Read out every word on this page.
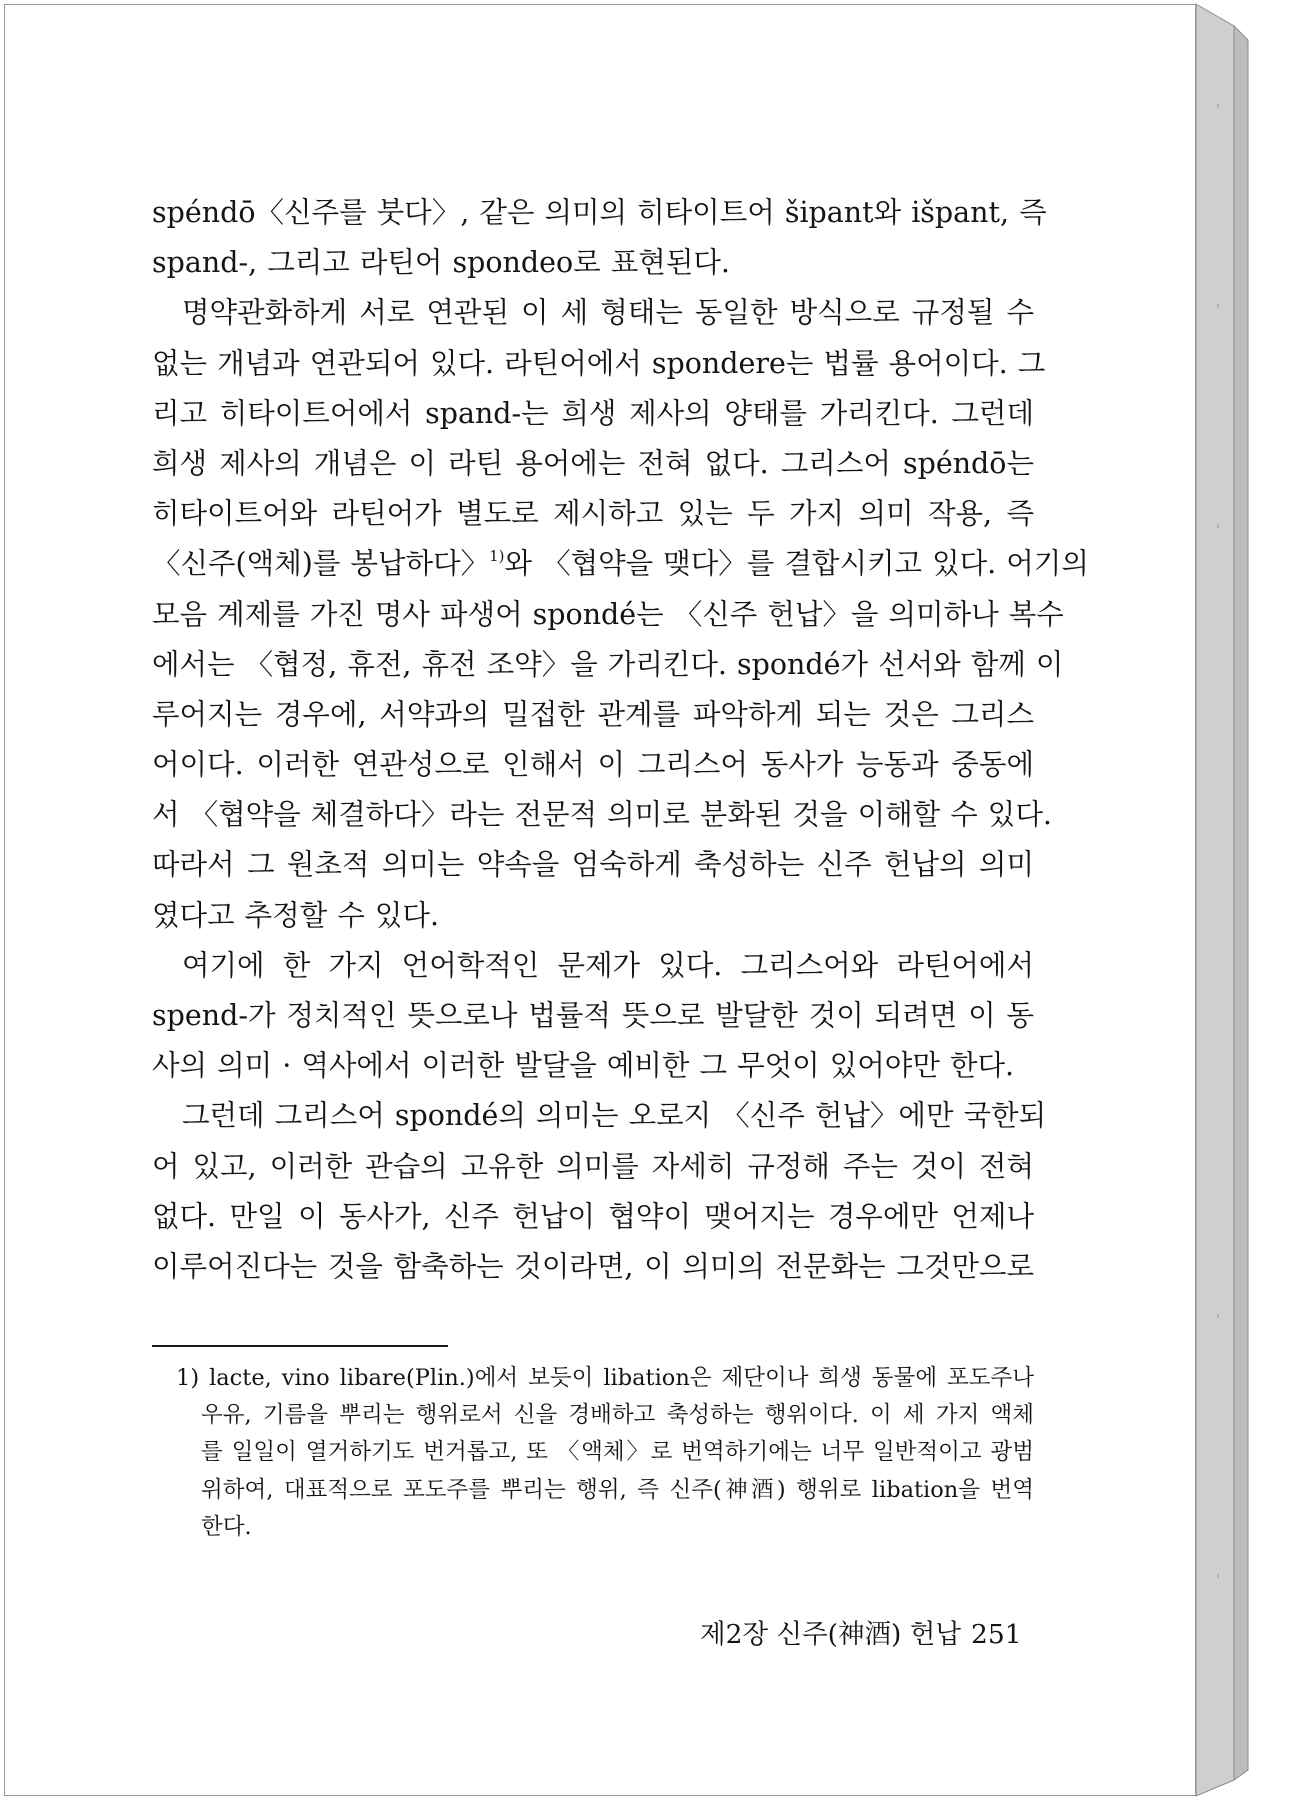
spéndō〈신주를 붓다〉, 같은 의미의 히타이트어 šipant와 išpant, 즉
spand-, 그리고 라틴어 spondeo로 표현된다.
명약관화하게 서로 연관된 이 세 형태는 동일한 방식으로 규정될 수
없는 개념과 연관되어 있다. 라틴어에서 spondere는 법률 용어이다. 그
리고 히타이트어에서 spand-는 희생 제사의 양태를 가리킨다. 그런데
희생 제사의 개념은 이 라틴 용어에는 전혀 없다. 그리스어 spéndō는
히타이트어와 라틴어가 별도로 제시하고 있는 두 가지 의미 작용, 즉
〈신주(액체)를 봉납하다〉$^{1)}$와 〈협약을 맺다〉를 결합시키고 있다. 어기의
모음 계제를 가진 명사 파생어 spondé는 〈신주 헌납〉을 의미하나 복수
에서는 〈협정, 휴전, 휴전 조약〉을 가리킨다. spondé가 선서와 함께 이
루어지는 경우에, 서약과의 밀접한 관계를 파악하게 되는 것은 그리스
어이다. 이러한 연관성으로 인해서 이 그리스어 동사가 능동과 중동에
서 〈협약을 체결하다〉라는 전문적 의미로 분화된 것을 이해할 수 있다.
따라서 그 원초적 의미는 약속을 엄숙하게 축성하는 신주 헌납의 의미
였다고 추정할 수 있다.
여기에 한 가지 언어학적인 문제가 있다. 그리스어와 라틴어에서
spend-가 정치적인 뜻으로나 법률적 뜻으로 발달한 것이 되려면 이 동
사의 의미 · 역사에서 이러한 발달을 예비한 그 무엇이 있어야만 한다.
그런데 그리스어 spondé의 의미는 오로지 〈신주 헌납〉에만 국한되
어 있고, 이러한 관습의 고유한 의미를 자세히 규정해 주는 것이 전혀
없다. 만일 이 동사가, 신주 헌납이 협약이 맺어지는 경우에만 언제나
이루어진다는 것을 함축하는 것이라면, 이 의미의 전문화는 그것만으로
1) lacte, vino libare(Plin.)에서 보듯이 libation은 제단이나 희생 동물에 포도주나
우유, 기름을 뿌리는 행위로서 신을 경배하고 축성하는 행위이다. 이 세 가지 액체
를 일일이 열거하기도 번거롭고, 또 〈액체〉로 번역하기에는 너무 일반적이고 광범
위하여, 대표적으로 포도주를 뿌리는 행위, 즉 신주(神酒) 행위로 libation을 번역
한다.
제2장 신주(神酒) 헌납 251
